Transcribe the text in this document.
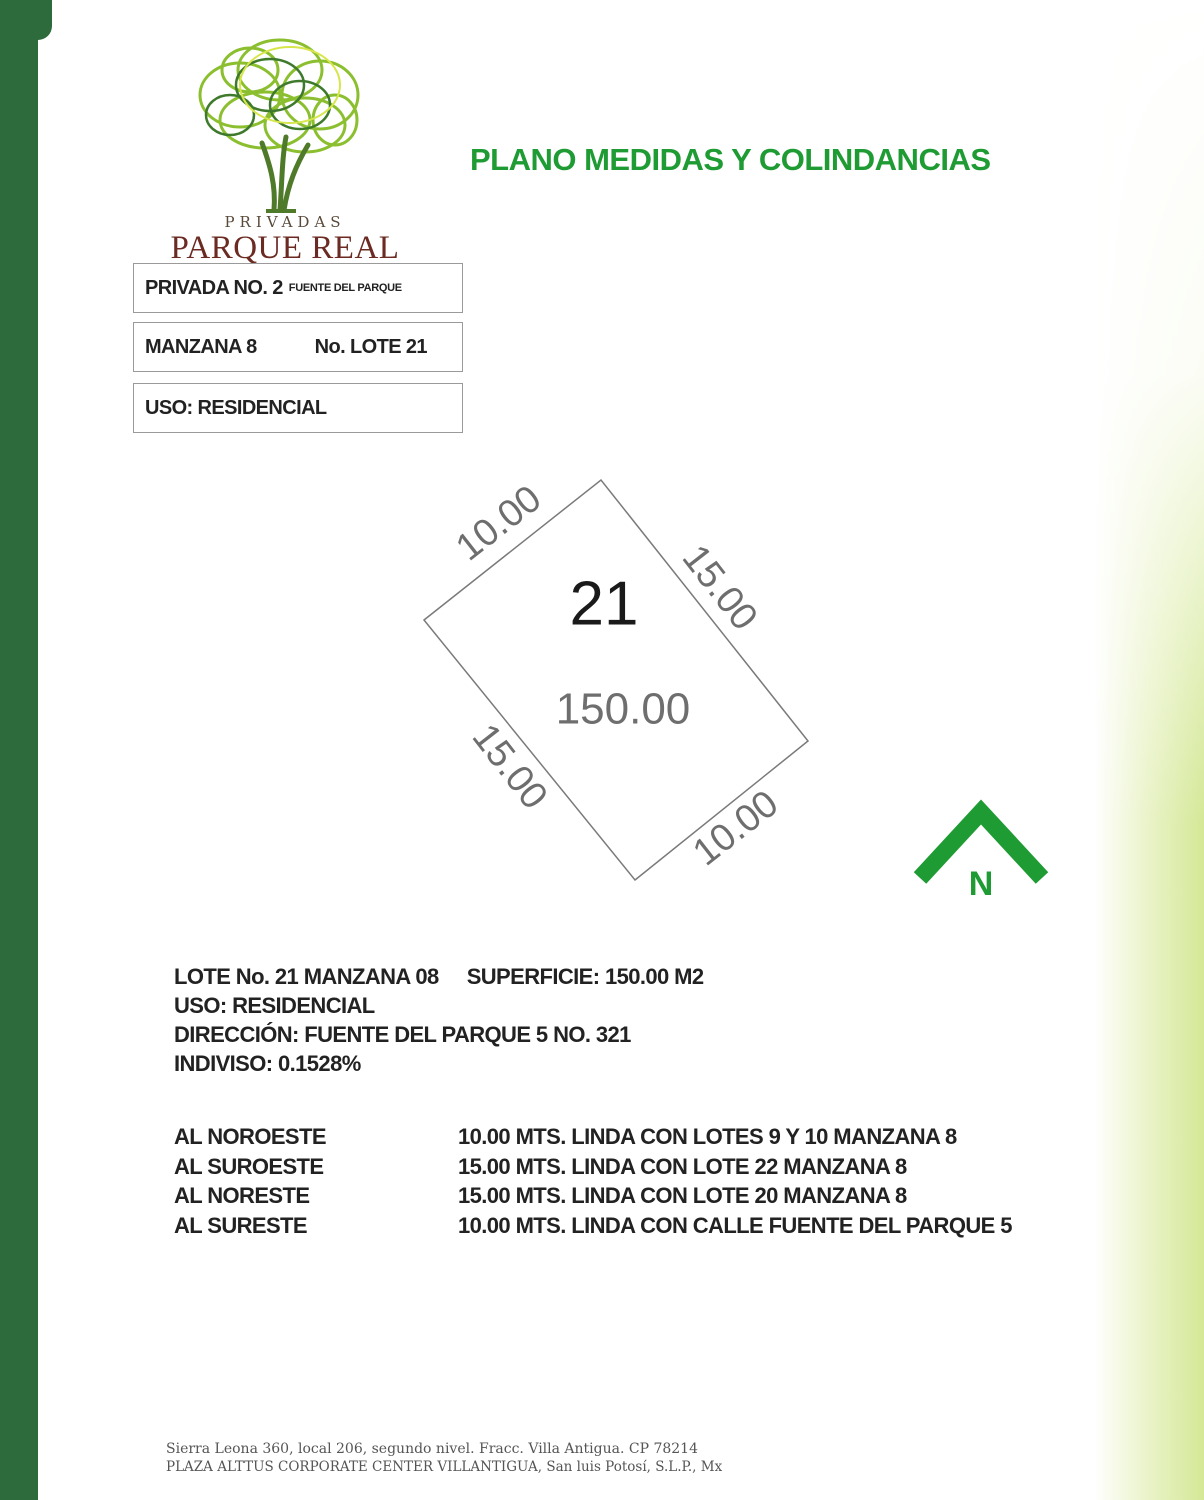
PRIVADAS
PARQUE REAL
PLANO MEDIDAS Y COLINDANCIAS
PRIVADA NO. 2 FUENTE DEL PARQUE
MANZANA 8	No. LOTE 21
USO: RESIDENCIAL
10.00
15.00
15.00
10.00
21
150.00
N
LOTE No. 21 MANZANA 08 SUPERFICIE: 150.00 M2
USO: RESIDENCIAL
DIRECCIÓN: FUENTE DEL PARQUE 5 NO. 321
INDIVISO: 0.1528%
AL NOROESTE	10.00 MTS. LINDA CON LOTES 9 Y 10 MANZANA 8
AL SUROESTE	15.00 MTS. LINDA CON LOTE 22 MANZANA 8
AL NORESTE	15.00 MTS. LINDA CON LOTE 20 MANZANA 8
AL SURESTE	10.00 MTS. LINDA CON CALLE FUENTE DEL PARQUE 5
Sierra Leona 360, local 206, segundo nivel. Fracc. Villa Antigua. CP 78214
PLAZA ALTTUS CORPORATE CENTER VILLANTIGUA, San luis Potosí, S.L.P., Mx
